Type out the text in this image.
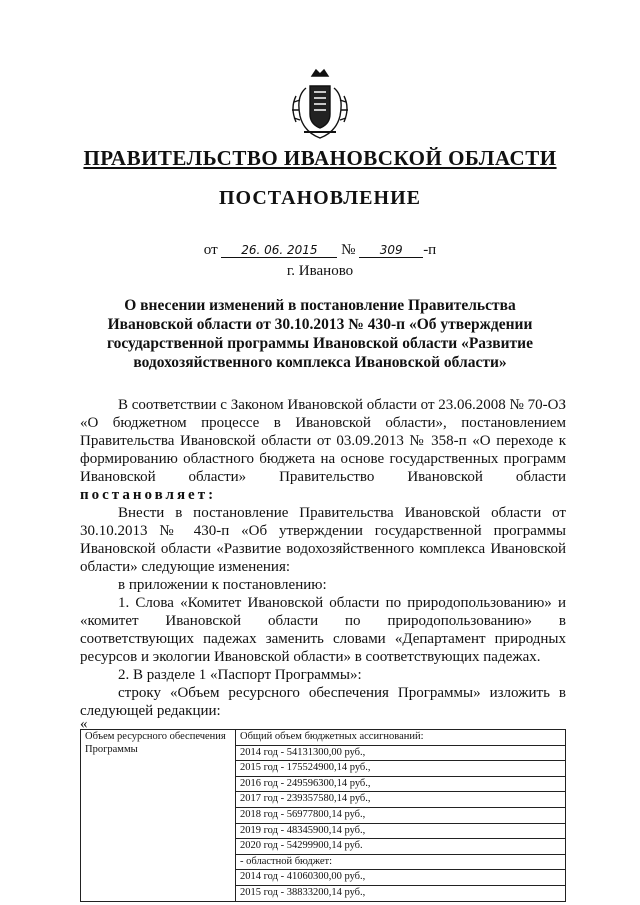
ПРАВИТЕЛЬСТВО ИВАНОВСКОЙ ОБЛАСТИ
ПОСТАНОВЛЕНИЕ
от 26. 06. 2015 № 309 -п
г. Иваново
О внесении изменений в постановление Правительства Ивановской области от 30.10.2013 № 430-п «Об утверждении государственной программы Ивановской области «Развитие водохозяйственного комплекса Ивановской области»

В соответствии с Законом Ивановской области от 23.06.2008 № 70-ОЗ «О бюджетном процессе в Ивановской области», постановлением Правительства Ивановской области от 03.09.2013 № 358-п «О переходе к формированию областного бюджета на основе государственных программ Ивановской области» Правительство Ивановской области постановляет:

Внести в постановление Правительства Ивановской области от 30.10.2013 № 430-п «Об утверждении государственной программы Ивановской области «Развитие водохозяйственного комплекса Ивановской области» следующие изменения:

в приложении к постановлению:

1. Слова «Комитет Ивановской области по природопользованию» и «комитет Ивановской области по природопользованию» в соответствующих падежах заменить словами «Департамент природных ресурсов и экологии Ивановской области» в соответствующих падежах.

2. В разделе 1 «Паспорт Программы»:

строку «Объем ресурсного обеспечения Программы» изложить в следующей редакции:

«
Объем ресурсного обеспечения Программы	
Общий объем бюджетных ассигнований:
2014 год - 54131300,00 руб.,
2015 год - 175524900,14 руб.,
2016 год - 249596300,14 руб.,
2017 год - 239357580,14 руб.,
2018 год - 56977800,14 руб.,
2019 год - 48345900,14 руб.,
2020 год - 54299900,14 руб.
- областной бюджет:
2014 год - 41060300,00 руб.,
2015 год - 38833200,14 руб.,
